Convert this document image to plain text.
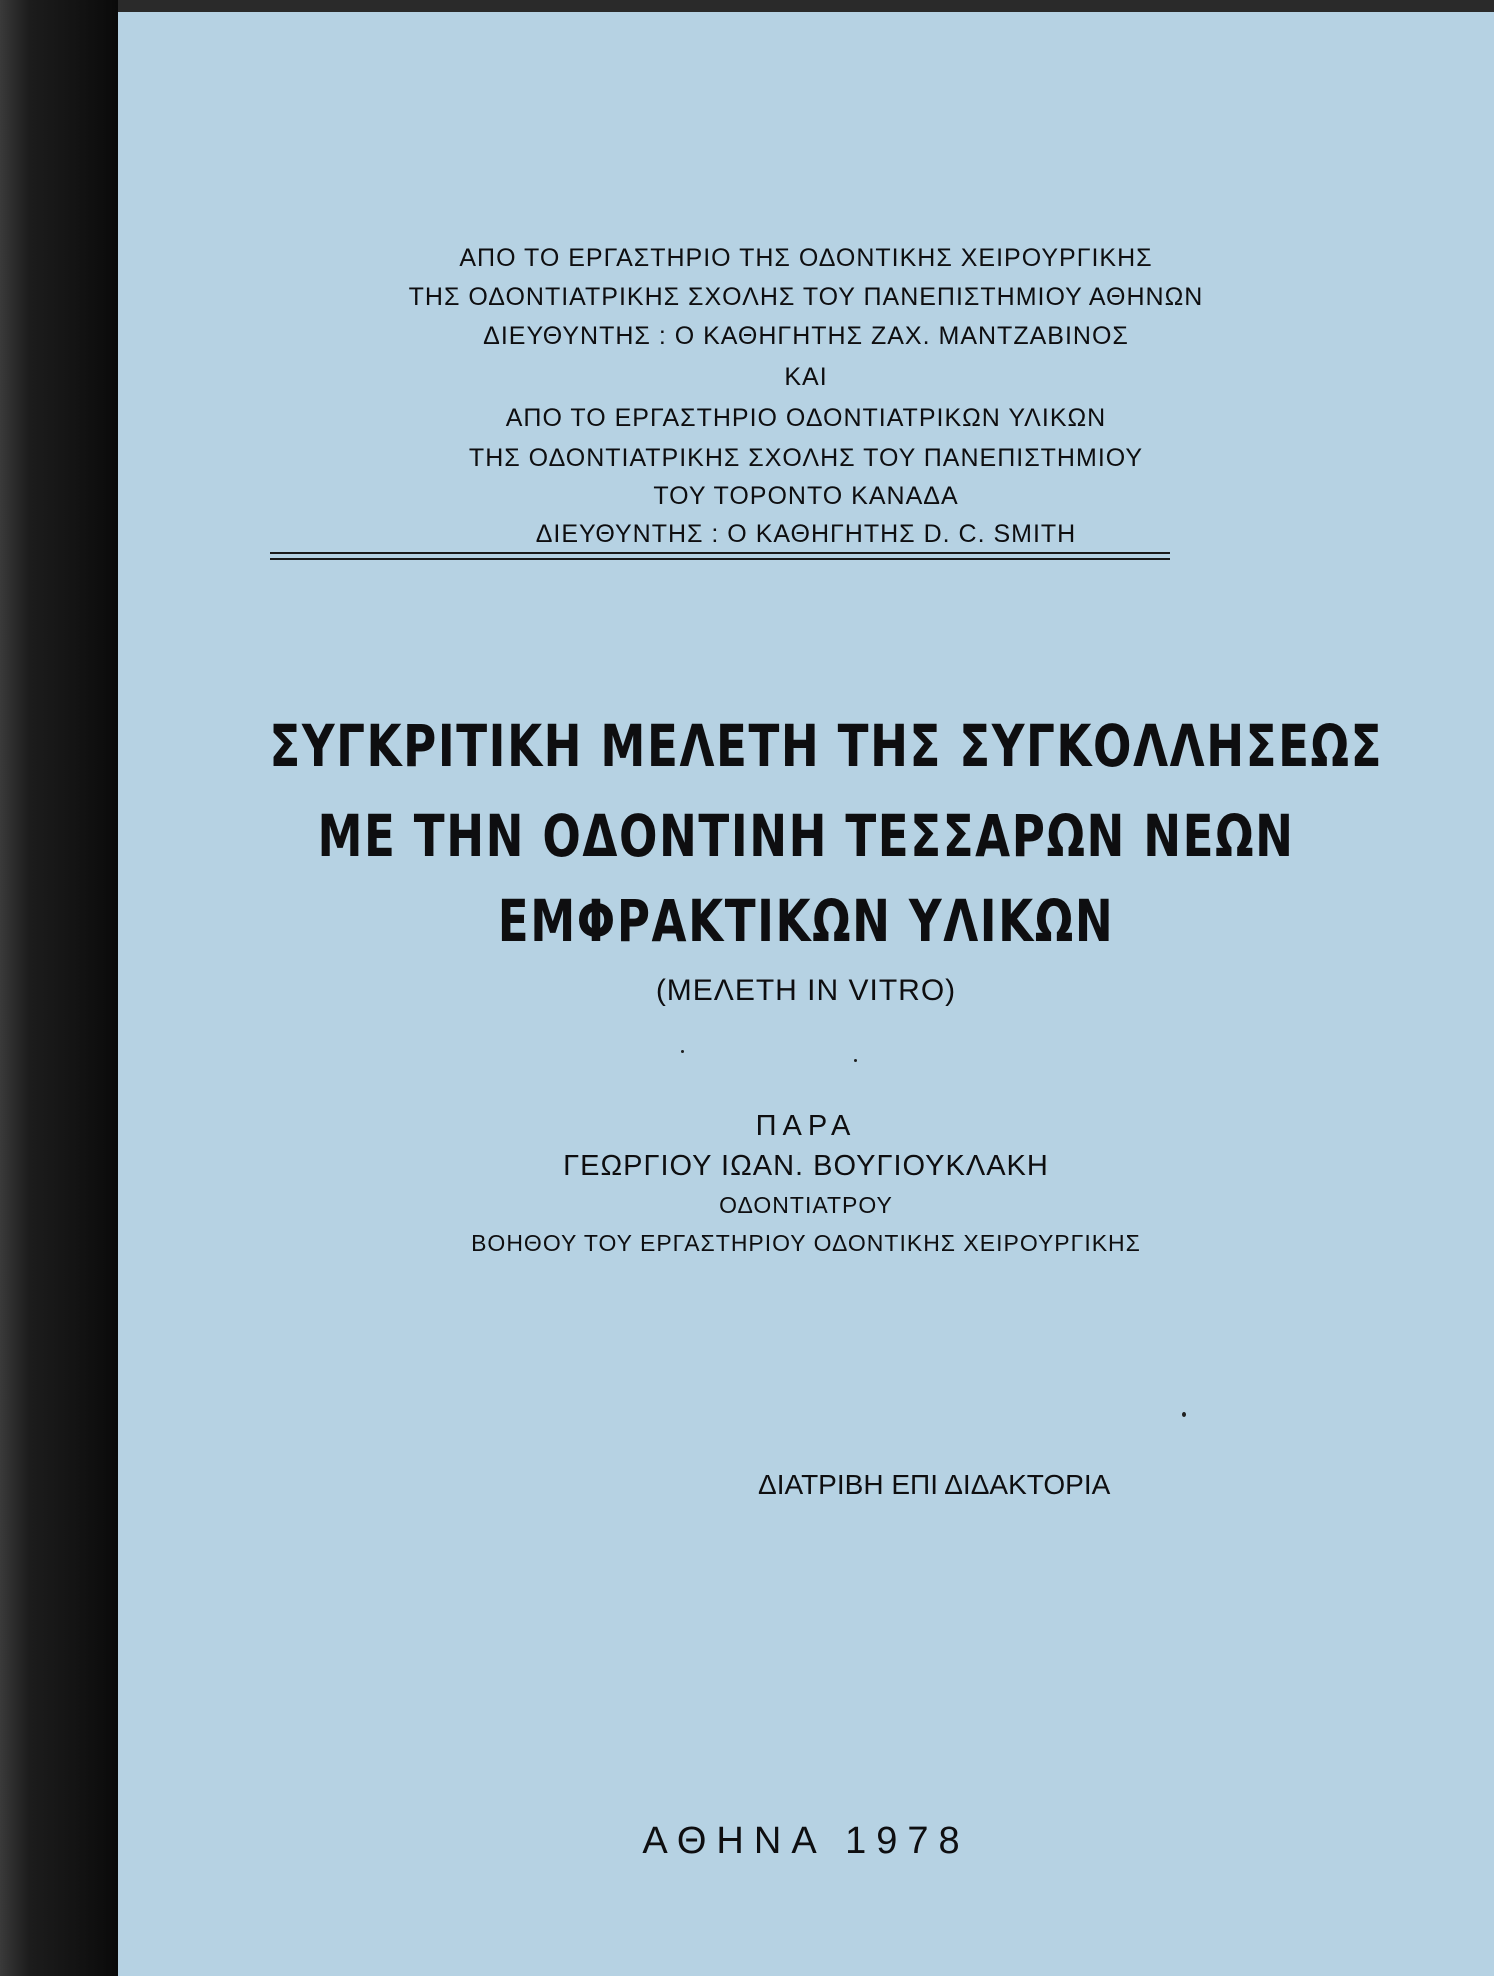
ΑΠΟ ΤΟ ΕΡΓΑΣΤΗΡΙΟ ΤΗΣ ΟΔΟΝΤΙΚΗΣ ΧΕΙΡΟΥΡΓΙΚΗΣ
ΤΗΣ ΟΔΟΝΤΙΑΤΡΙΚΗΣ ΣΧΟΛΗΣ ΤΟΥ ΠΑΝΕΠΙΣΤΗΜΙΟΥ ΑΘΗΝΩΝ
ΔΙΕΥΘΥΝΤΗΣ : Ο ΚΑΘΗΓΗΤΗΣ ΖΑΧ. ΜΑΝΤΖΑΒΙΝΟΣ
ΚΑΙ
ΑΠΟ ΤΟ ΕΡΓΑΣΤΗΡΙΟ ΟΔΟΝΤΙΑΤΡΙΚΩΝ ΥΛΙΚΩΝ
ΤΗΣ ΟΔΟΝΤΙΑΤΡΙΚΗΣ ΣΧΟΛΗΣ ΤΟΥ ΠΑΝΕΠΙΣΤΗΜΙΟΥ
ΤΟΥ ΤΟΡΟΝΤΟ ΚΑΝΑΔΑ
ΔΙΕΥΘΥΝΤΗΣ : Ο ΚΑΘΗΓΗΤΗΣ D. C. SMITH
ΣΥΓΚΡΙΤΙΚΗ ΜΕΛΕΤΗ ΤΗΣ ΣΥΓΚΟΛΛΗΣΕΩΣ
ΜΕ ΤΗΝ ΟΔΟΝΤΙΝΗ ΤΕΣΣΑΡΩΝ ΝΕΩΝ
ΕΜΦΡΑΚΤΙΚΩΝ ΥΛΙΚΩΝ
(ΜΕΛΕΤΗ IN VITRO)
ΠΑΡΑ
ΓΕΩΡΓΙΟΥ ΙΩΑΝ. ΒΟΥΓΙΟΥΚΛΑΚΗ
ΟΔΟΝΤΙΑΤΡΟΥ
ΒΟΗΘΟΥ ΤΟΥ ΕΡΓΑΣΤΗΡΙΟΥ ΟΔΟΝΤΙΚΗΣ ΧΕΙΡΟΥΡΓΙΚΗΣ
ΔΙΑΤΡΙΒΗ ΕΠΙ ΔΙΔΑΚΤΟΡΙΑ
ΑΘΗΝΑ 1978
